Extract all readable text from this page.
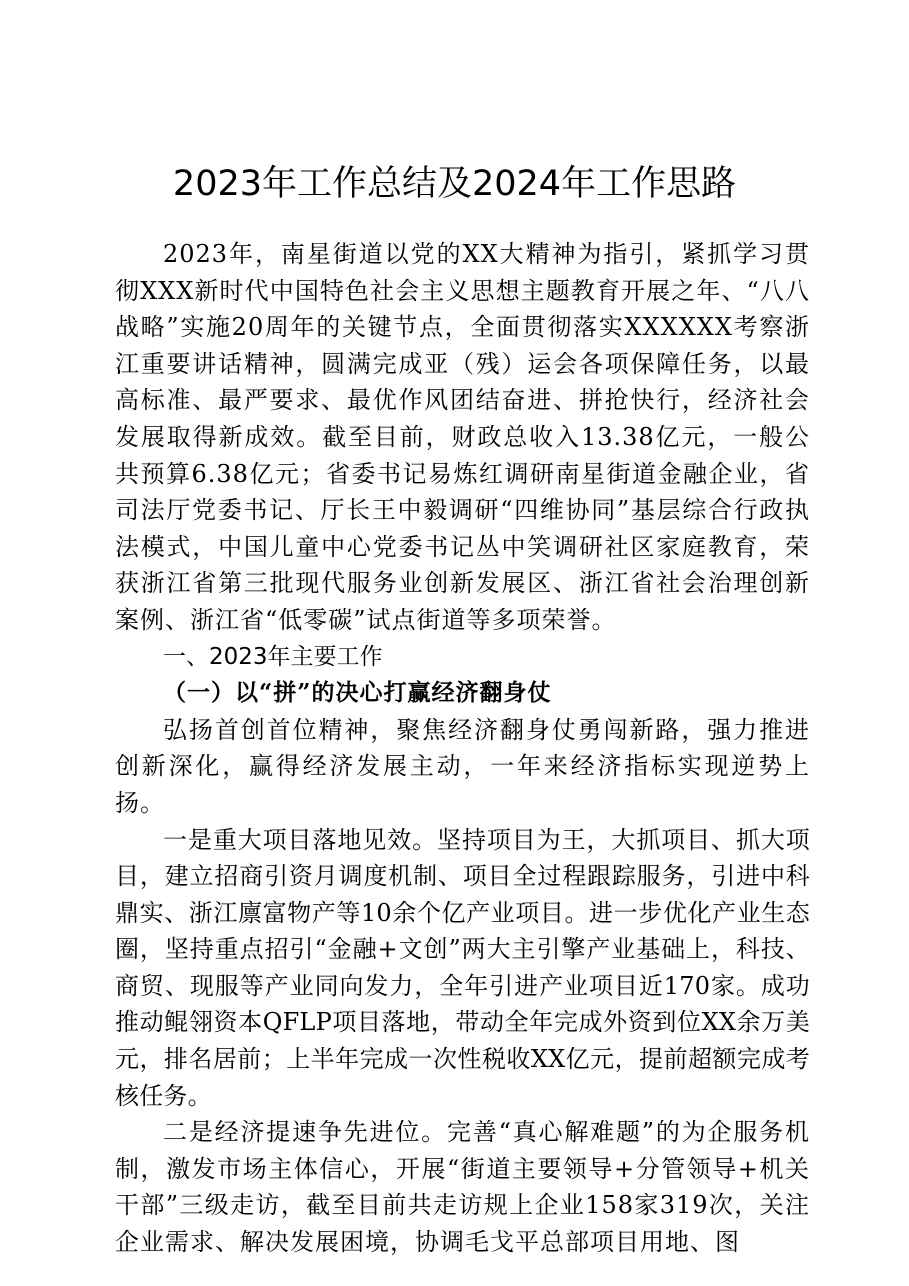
2023年工作总结及2024年工作思路

2023年，南星街道以党的XX大精神为指引，紧抓学习贯彻XXX新时代中国特色社会主义思想主题教育开展之年、“八八战略”实施20周年的关键节点，全面贯彻落实XXXXXX考察浙江重要讲话精神，圆满完成亚（残）运会各项保障任务，以最高标准、最严要求、最优作风团结奋进、拼抢快行，经济社会发展取得新成效。截至目前，财政总收入13.38亿元，一般公共预算6.38亿元；省委书记易炼红调研南星街道金融企业，省司法厅党委书记、厅长王中毅调研“四维协同”基层综合行政执法模式，中国儿童中心党委书记丛中笑调研社区家庭教育，荣获浙江省第三批现代服务业创新发展区、浙江省社会治理创新案例、浙江省“低零碳”试点街道等多项荣誉。

一、2023年主要工作

（一）以“拼”的决心打赢经济翻身仗

弘扬首创首位精神，聚焦经济翻身仗勇闯新路，强力推进创新深化，赢得经济发展主动，一年来经济指标实现逆势上扬。

一是重大项目落地见效。坚持项目为王，大抓项目、抓大项目，建立招商引资月调度机制、项目全过程跟踪服务，引进中科鼎实、浙江廪富物产等10余个亿产业项目。进一步优化产业生态圈，坚持重点招引“金融+文创”两大主引擎产业基础上，科技、商贸、现服等产业同向发力，全年引进产业项目近170家。成功推动鲲翎资本QFLP项目落地，带动全年完成外资到位XX余万美元，排名居前；上半年完成一次性税收XX亿元，提前超额完成考核任务。

二是经济提速争先进位。完善“真心解难题”的为企服务机制，激发市场主体信心，开展“街道主要领导+分管领导+机关干部”三级走访，截至目前共走访规上企业158家319次，关注企业需求、解决发展困境，协调毛戈平总部项目用地、图
